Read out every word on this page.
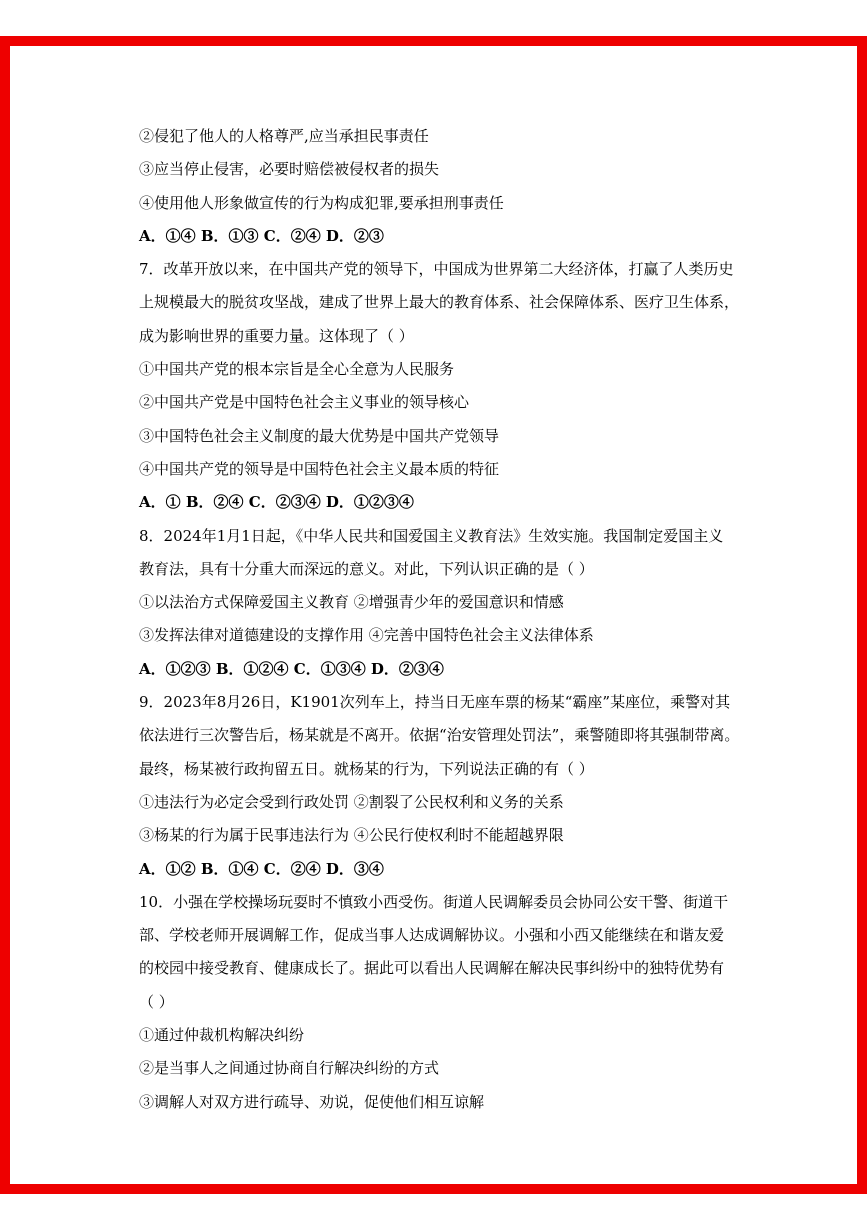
②侵犯了他人的人格尊严,应当承担民事责任
③应当停止侵害，必要时赔偿被侵权者的损失
④使用他人形象做宣传的行为构成犯罪,要承担刑事责任
A．①④ B．①③ C．②④ D．②③
7．改革开放以来，在中国共产党的领导下，中国成为世界第二大经济体，打赢了人类历史
上规模最大的脱贫攻坚战，建成了世界上最大的教育体系、社会保障体系、医疗卫生体系，
成为影响世界的重要力量。这体现了（ ）
①中国共产党的根本宗旨是全心全意为人民服务
②中国共产党是中国特色社会主义事业的领导核心
③中国特色社会主义制度的最大优势是中国共产党领导
④中国共产党的领导是中国特色社会主义最本质的特征
A．① B．②④ C．②③④ D．①②③④
8．2024年1月1日起，《中华人民共和国爱国主义教育法》生效实施。我国制定爱国主义
教育法，具有十分重大而深远的意义。对此，下列认识正确的是（ ）
①以法治方式保障爱国主义教育 ②增强青少年的爱国意识和情感
③发挥法律对道德建设的支撑作用 ④完善中国特色社会主义法律体系
A．①②③ B．①②④ C．①③④ D．②③④
9．2023年8月26日，K1901次列车上，持当日无座车票的杨某“霸座”某座位，乘警对其
依法进行三次警告后，杨某就是不离开。依据“治安管理处罚法”，乘警随即将其强制带离。
最终，杨某被行政拘留五日。就杨某的行为，下列说法正确的有（ ）
①违法行为必定会受到行政处罚 ②割裂了公民权利和义务的关系
③杨某的行为属于民事违法行为 ④公民行使权利时不能超越界限
A．①② B．①④ C．②④ D．③④
10．小强在学校操场玩耍时不慎致小西受伤。街道人民调解委员会协同公安干警、街道干
部、学校老师开展调解工作，促成当事人达成调解协议。小强和小西又能继续在和谐友爱
的校园中接受教育、健康成长了。据此可以看出人民调解在解决民事纠纷中的独特优势有
（ ）
①通过仲裁机构解决纠纷
②是当事人之间通过协商自行解决纠纷的方式
③调解人对双方进行疏导、劝说，促使他们相互谅解
